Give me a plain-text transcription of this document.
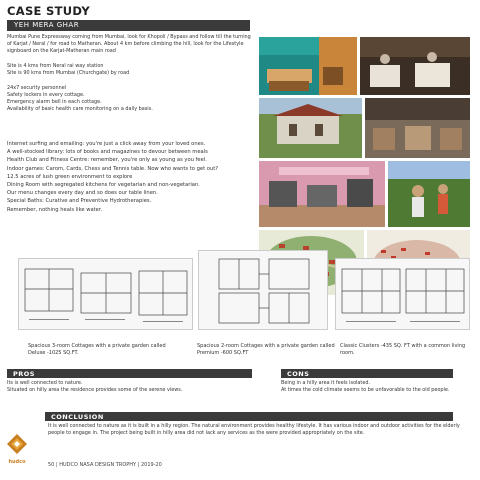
CASE STUDY
YEH MERA GHAR
Mumbai Pune Expressway coming from Mumbai, look for Khopoli / Bypass and follow till the turning of Karjat / Neral / for road to Matheran. About 4 km before climbing the hill, look for the Lifestyle signboard on the Karjat-Matheran main road
Site is 4 kms from Neral rai way station
Site is 90 kms from Mumbai (Churchgate) by road
24x7 security personnel
Safety lockers in every cottage.
Emergency alarm bell in each cottage.
Availability of basic health care monitoring on a daily basis.
Internet surfing and emailing: you're just a click away from your loved ones.
A well-stocked library: lots of books and magazines to devour between meals
Health Club and Fitness Centre: remember, you're only as young as you feel.
Indoor games: Carom, Cards, Chess and Tennis table. Now who wants to get out?
12.5 acres of lush green environment to explore
Dining Room with segregated kitchens for vegetarian and non-vegetarian.
Our menu changes every day and so does our table linen.
Special Baths: Curative and Preventive Hydrotherapies.
Remember, nothing heals like water.
Spacious 3-room Cottages with a private garden called Deluxe -1025 SQ.FT.
Spacious 2-room Cottages with a private garden called Premium -600 SQ.FT
Classic Clusters -435 SQ. FT with a common living room.
PROS
Its is well connected to nature.
Situated on hilly area the residence provides some of the serene views.
CONS
Being in a hilly area it feels isolated.
At times the cold climate seems to be unfavorable to the old people.
CONCLUSION
It is well connected to nature as it is built in a hilly region. The natural environment provides healthy lifestyle. It has various indoor and outdoor activities for the elderly people to engage in. The project being built in hilly area did not lack any services as the were provided appropriately on the site.
hudco	50 | HUDCO NASA DESIGN TROPHY | 2019-20
